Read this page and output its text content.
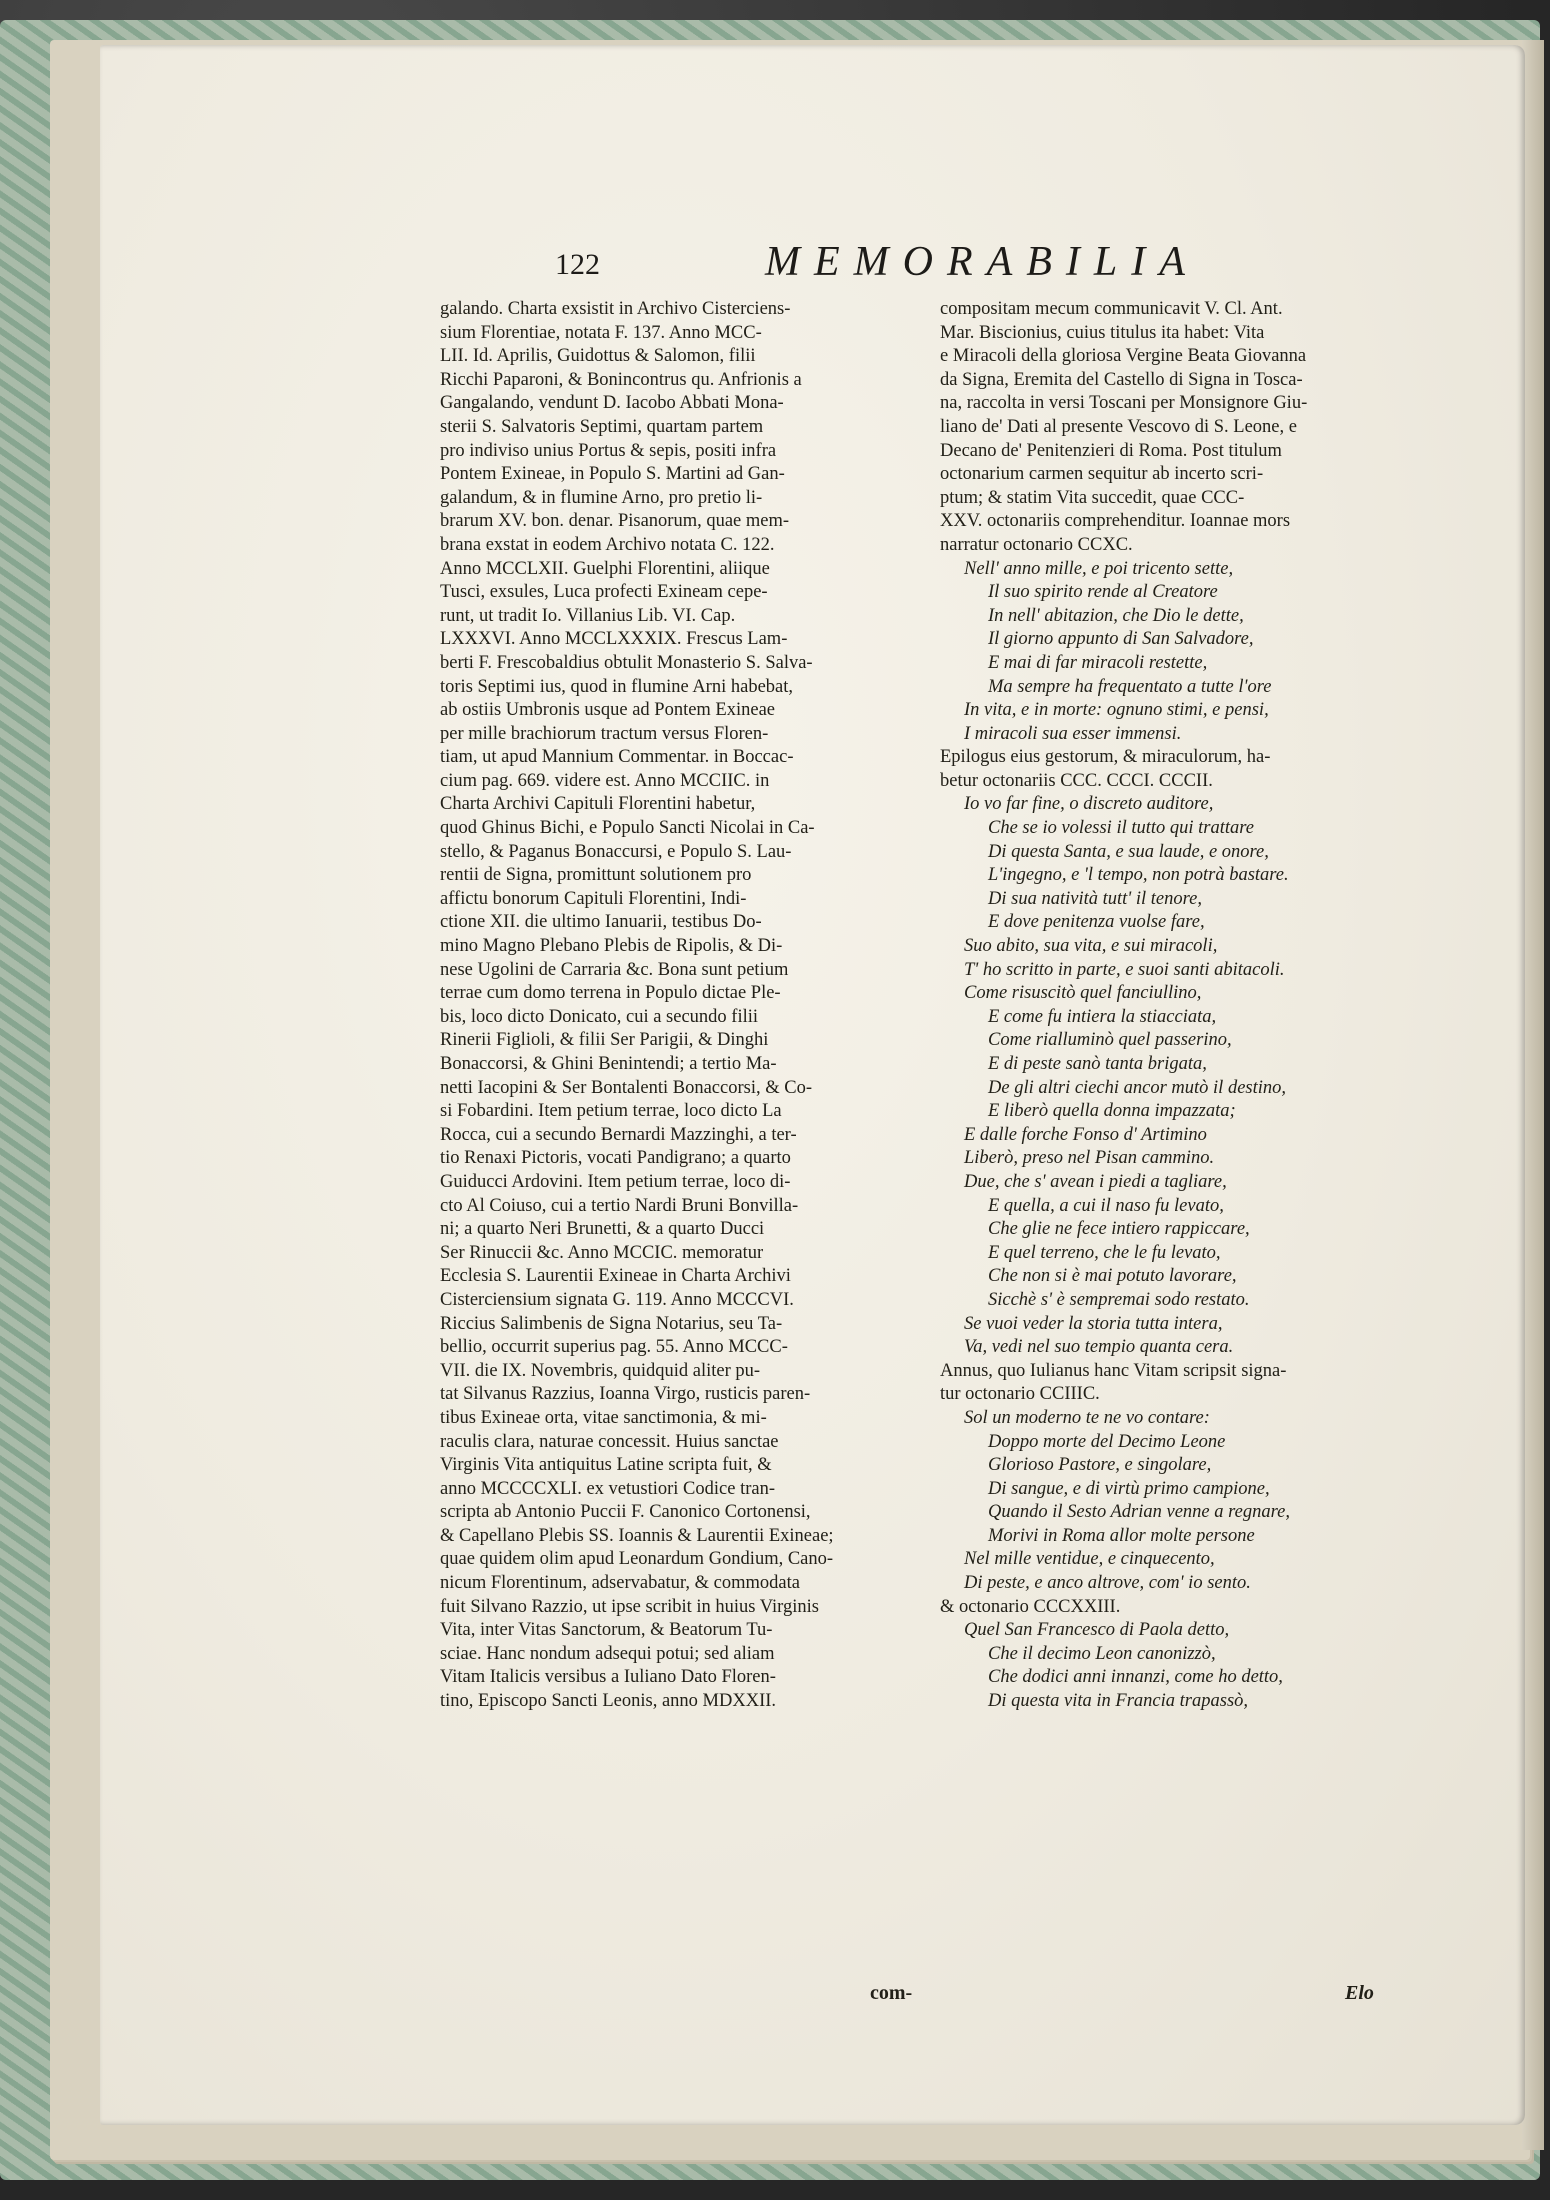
122	MEMORABILIA
galando. Charta exsistit in Archivo Cisterciens-
sium Florentiae, notata F. 137. Anno MCC-
LII. Id. Aprilis, Guidottus & Salomon, filii
Ricchi Paparoni, & Bonincontrus qu. Anfrionis a
Gangalando, vendunt D. Iacobo Abbati Mona-
sterii S. Salvatoris Septimi, quartam partem
pro indiviso unius Portus & sepis, positi infra
Pontem Exineae, in Populo S. Martini ad Gan-
galandum, & in flumine Arno, pro pretio li-
brarum XV. bon. denar. Pisanorum, quae mem-
brana exstat in eodem Archivo notata C. 122.
Anno MCCLXII. Guelphi Florentini, aliique
Tusci, exsules, Luca profecti Exineam cepe-
runt, ut tradit Io. Villanius Lib. VI. Cap.
LXXXVI. Anno MCCLXXXIX. Frescus Lam-
berti F. Frescobaldius obtulit Monasterio S. Salva-
toris Septimi ius, quod in flumine Arni habebat,
ab ostiis Umbronis usque ad Pontem Exineae
per mille brachiorum tractum versus Floren-
tiam, ut apud Mannium Commentar. in Boccac-
cium pag. 669. videre est. Anno MCCIIC. in
Charta Archivi Capituli Florentini habetur,
quod Ghinus Bichi, e Populo Sancti Nicolai in Ca-
stello, & Paganus Bonaccursi, e Populo S. Lau-
rentii de Signa, promittunt solutionem pro
affictu bonorum Capituli Florentini, Indi-
ctione XII. die ultimo Ianuarii, testibus Do-
mino Magno Plebano Plebis de Ripolis, & Di-
nese Ugolini de Carraria &c. Bona sunt petium
terrae cum domo terrena in Populo dictae Ple-
bis, loco dicto Donicato, cui a secundo filii
Rinerii Figlioli, & filii Ser Parigii, & Dinghi
Bonaccorsi, & Ghini Benintendi; a tertio Ma-
netti Iacopini & Ser Bontalenti Bonaccorsi, & Co-
si Fobardini. Item petium terrae, loco dicto La
Rocca, cui a secundo Bernardi Mazzinghi, a ter-
tio Renaxi Pictoris, vocati Pandigrano; a quarto
Guiducci Ardovini. Item petium terrae, loco di-
cto Al Coiuso, cui a tertio Nardi Bruni Bonvilla-
ni; a quarto Neri Brunetti, & a quarto Ducci
Ser Rinuccii &c. Anno MCCIC. memoratur
Ecclesia S. Laurentii Exineae in Charta Archivi
Cisterciensium signata G. 119. Anno MCCCVI.
Riccius Salimbenis de Signa Notarius, seu Ta-
bellio, occurrit superius pag. 55. Anno MCCC-
VII. die IX. Novembris, quidquid aliter pu-
tat Silvanus Razzius, Ioanna Virgo, rusticis paren-
tibus Exineae orta, vitae sanctimonia, & mi-
raculis clara, naturae concessit. Huius sanctae
Virginis Vita antiquitus Latine scripta fuit, &
anno MCCCCXLI. ex vetustiori Codice tran-
scripta ab Antonio Puccii F. Canonico Cortonensi,
& Capellano Plebis SS. Ioannis & Laurentii Exineae;
quae quidem olim apud Leonardum Gondium, Cano-
nicum Florentinum, adservabatur, & commodata
fuit Silvano Razzio, ut ipse scribit in huius Virginis
Vita, inter Vitas Sanctorum, & Beatorum Tu-
sciae. Hanc nondum adsequi potui; sed aliam
Vitam Italicis versibus a Iuliano Dato Floren-
tino, Episcopo Sancti Leonis, anno MDXXII.
compositam mecum communicavit V. Cl. Ant.
Mar. Biscionius, cuius titulus ita habet: Vita
e Miracoli della gloriosa Vergine Beata Giovanna
da Signa, Eremita del Castello di Signa in Tosca-
na, raccolta in versi Toscani per Monsignore Giu-
liano de' Dati al presente Vescovo di S. Leone, e
Decano de' Penitenzieri di Roma. Post titulum
octonarium carmen sequitur ab incerto scri-
ptum; & statim Vita succedit, quae CCC-
XXV. octonariis comprehenditur. Ioannae mors
narratur octonario CCXC.
Nell' anno mille, e poi tricento sette,
Il suo spirito rende al Creatore
In nell' abitazion, che Dio le dette,
Il giorno appunto di San Salvadore,
E mai di far miracoli restette,
Ma sempre ha frequentato a tutte l'ore
In vita, e in morte: ognuno stimi, e pensi,
I miracoli sua esser immensi.
Epilogus eius gestorum, & miraculorum, ha-
betur octonariis CCC. CCCI. CCCII.
Io vo far fine, o discreto auditore,
Che se io volessi il tutto qui trattare
Di questa Santa, e sua laude, e onore,
L'ingegno, e 'l tempo, non potrà bastare.
Di sua natività tutt' il tenore,
E dove penitenza vuolse fare,
Suo abito, sua vita, e sui miracoli,
T' ho scritto in parte, e suoi santi abitacoli.
Come risuscitò quel fanciullino,
E come fu intiera la stiacciata,
Come rialluminò quel passerino,
E di peste sanò tanta brigata,
De gli altri ciechi ancor mutò il destino,
E liberò quella donna impazzata;
E dalle forche Fonso d' Artimino
Liberò, preso nel Pisan cammino.
Due, che s' avean i piedi a tagliare,
E quella, a cui il naso fu levato,
Che glie ne fece intiero rappiccare,
E quel terreno, che le fu levato,
Che non si è mai potuto lavorare,
Sicchè s' è sempremai sodo restato.
Se vuoi veder la storia tutta intera,
Va, vedi nel suo tempio quanta cera.
Annus, quo Iulianus hanc Vitam scripsit signa-
tur octonario CCIIIC.
Sol un moderno te ne vo contare:
Doppo morte del Decimo Leone
Glorioso Pastore, e singolare,
Di sangue, e di virtù primo campione,
Quando il Sesto Adrian venne a regnare,
Morivi in Roma allor molte persone
Nel mille ventidue, e cinquecento,
Di peste, e anco altrove, com' io sento.
& octonario CCCXXIII.
Quel San Francesco di Paola detto,
Che il decimo Leon canonizzò,
Che dodici anni innanzi, come ho detto,
Di questa vita in Francia trapassò,
com-	Elo
